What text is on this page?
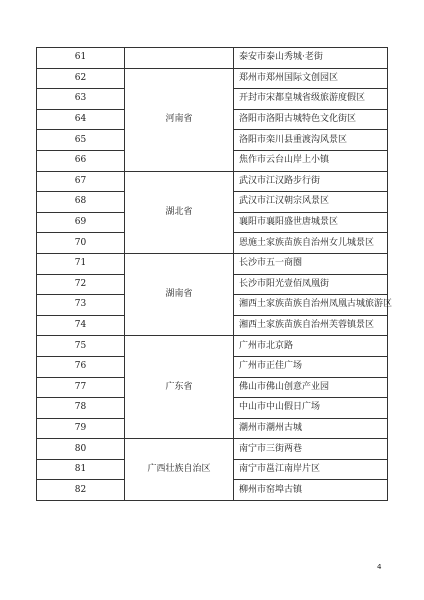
61		泰安市泰山秀城·老街
62	河南省	郑州市郑州国际文创园区
63		开封市宋都皇城省级旅游度假区
64		洛阳市洛阳古城特色文化街区
65		洛阳市栾川县重渡沟风景区
66		焦作市云台山岸上小镇
67	湖北省	武汉市江汉路步行街
68		武汉市江汉朝宗风景区
69		襄阳市襄阳盛世唐城景区
70		恩施土家族苗族自治州女儿城景区
71	湖南省	长沙市五一商圈
72		长沙市阳光壹佰凤凰街
73		湘西土家族苗族自治州凤凰古城旅游区
74		湘西土家族苗族自治州芙蓉镇景区
75	广东省	广州市北京路
76		广州市正佳广场
77		佛山市佛山创意产业园
78		中山市中山假日广场
79		潮州市潮州古城
80	广西壮族自治区	南宁市三街两巷
81		南宁市邕江南岸片区
82		柳州市窑埠古镇
4
